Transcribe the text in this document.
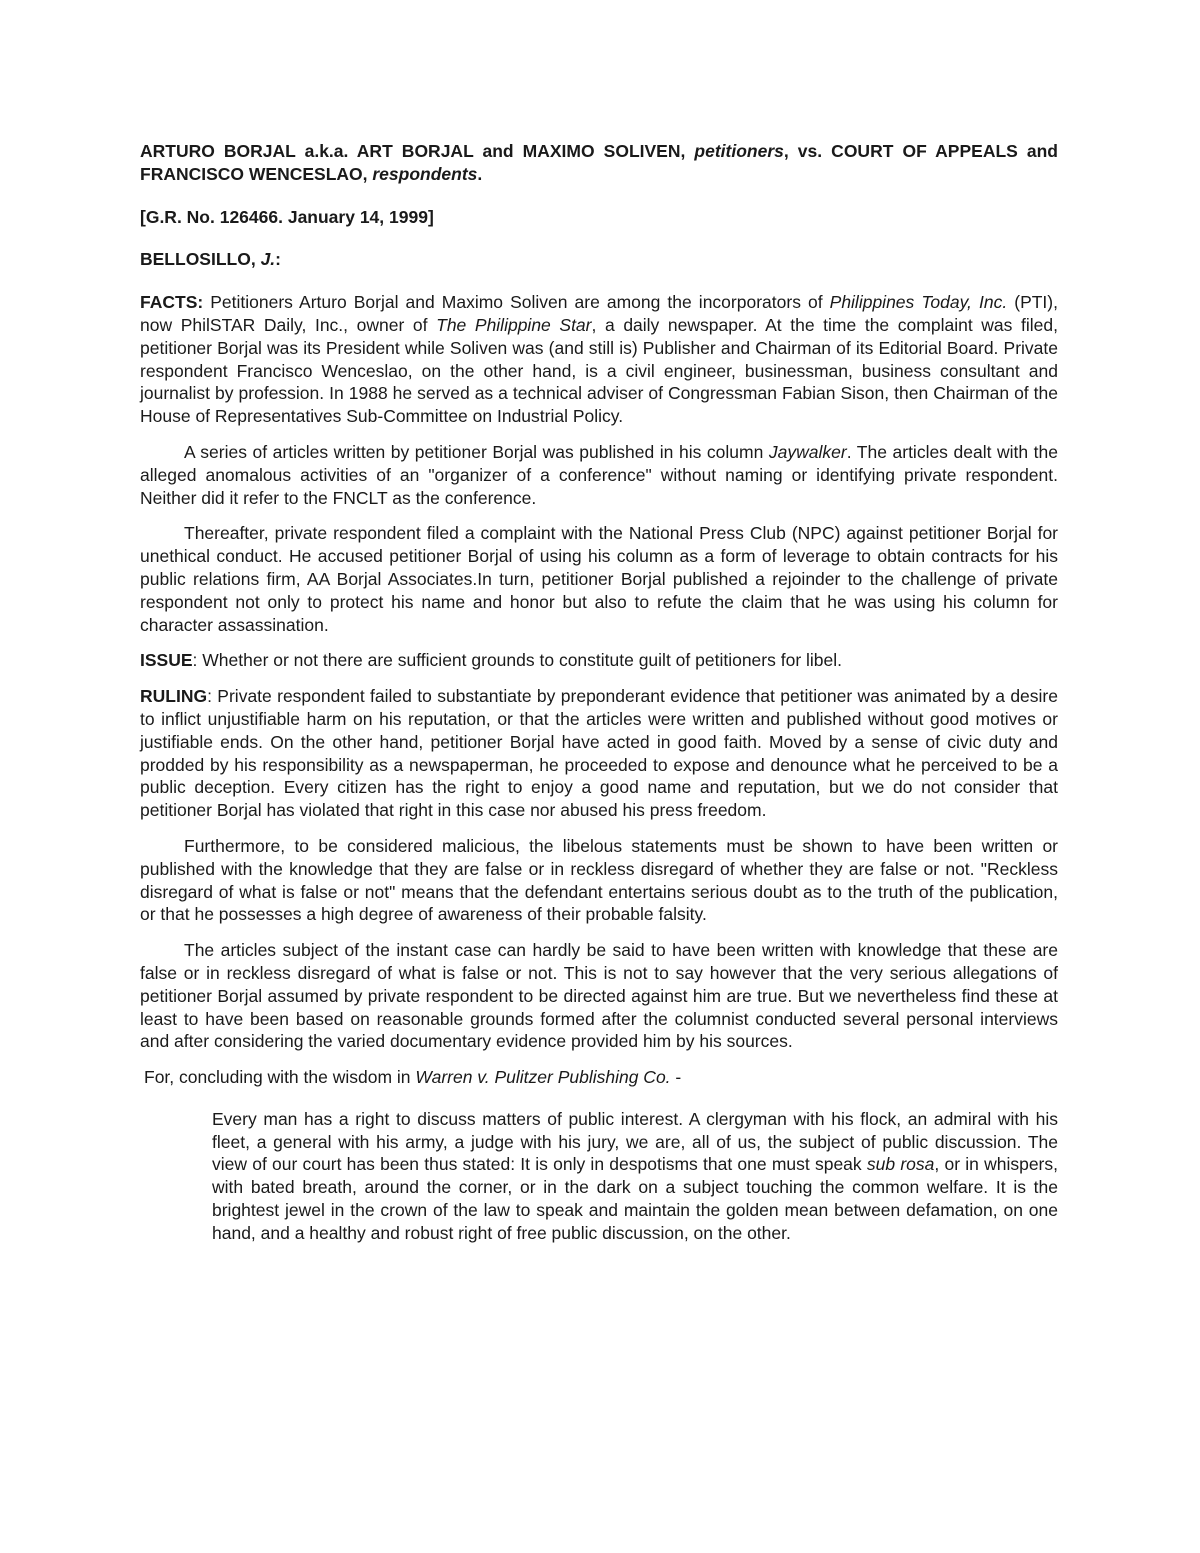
ARTURO BORJAL a.k.a. ART BORJAL and MAXIMO SOLIVEN, petitioners, vs. COURT OF APPEALS and FRANCISCO WENCESLAO, respondents.

[G.R. No. 126466. January 14, 1999]

BELLOSILLO, J.:

FACTS: Petitioners Arturo Borjal and Maximo Soliven are among the incorporators of Philippines Today, Inc. (PTI), now PhilSTAR Daily, Inc., owner of The Philippine Star, a daily newspaper. At the time the complaint was filed, petitioner Borjal was its President while Soliven was (and still is) Publisher and Chairman of its Editorial Board. Private respondent Francisco Wenceslao, on the other hand, is a civil engineer, businessman, business consultant and journalist by profession. In 1988 he served as a technical adviser of Congressman Fabian Sison, then Chairman of the House of Representatives Sub-Committee on Industrial Policy.

A series of articles written by petitioner Borjal was published in his column Jaywalker. The articles dealt with the alleged anomalous activities of an "organizer of a conference" without naming or identifying private respondent. Neither did it refer to the FNCLT as the conference.

Thereafter, private respondent filed a complaint with the National Press Club (NPC) against petitioner Borjal for unethical conduct. He accused petitioner Borjal of using his column as a form of leverage to obtain contracts for his public relations firm, AA Borjal Associates.In turn, petitioner Borjal published a rejoinder to the challenge of private respondent not only to protect his name and honor but also to refute the claim that he was using his column for character assassination.

ISSUE: Whether or not there are sufficient grounds to constitute guilt of petitioners for libel.

RULING: Private respondent failed to substantiate by preponderant evidence that petitioner was animated by a desire to inflict unjustifiable harm on his reputation, or that the articles were written and published without good motives or justifiable ends. On the other hand, petitioner Borjal have acted in good faith. Moved by a sense of civic duty and prodded by his responsibility as a newspaperman, he proceeded to expose and denounce what he perceived to be a public deception. Every citizen has the right to enjoy a good name and reputation, but we do not consider that petitioner Borjal has violated that right in this case nor abused his press freedom.

Furthermore, to be considered malicious, the libelous statements must be shown to have been written or published with the knowledge that they are false or in reckless disregard of whether they are false or not. "Reckless disregard of what is false or not" means that the defendant entertains serious doubt as to the truth of the publication, or that he possesses a high degree of awareness of their probable falsity.

The articles subject of the instant case can hardly be said to have been written with knowledge that these are false or in reckless disregard of what is false or not. This is not to say however that the very serious allegations of petitioner Borjal assumed by private respondent to be directed against him are true. But we nevertheless find these at least to have been based on reasonable grounds formed after the columnist conducted several personal interviews and after considering the varied documentary evidence provided him by his sources.

For, concluding with the wisdom in Warren v. Pulitzer Publishing Co. -

Every man has a right to discuss matters of public interest. A clergyman with his flock, an admiral with his fleet, a general with his army, a judge with his jury, we are, all of us, the subject of public discussion. The view of our court has been thus stated: It is only in despotisms that one must speak sub rosa, or in whispers, with bated breath, around the corner, or in the dark on a subject touching the common welfare. It is the brightest jewel in the crown of the law to speak and maintain the golden mean between defamation, on one hand, and a healthy and robust right of free public discussion, on the other.
